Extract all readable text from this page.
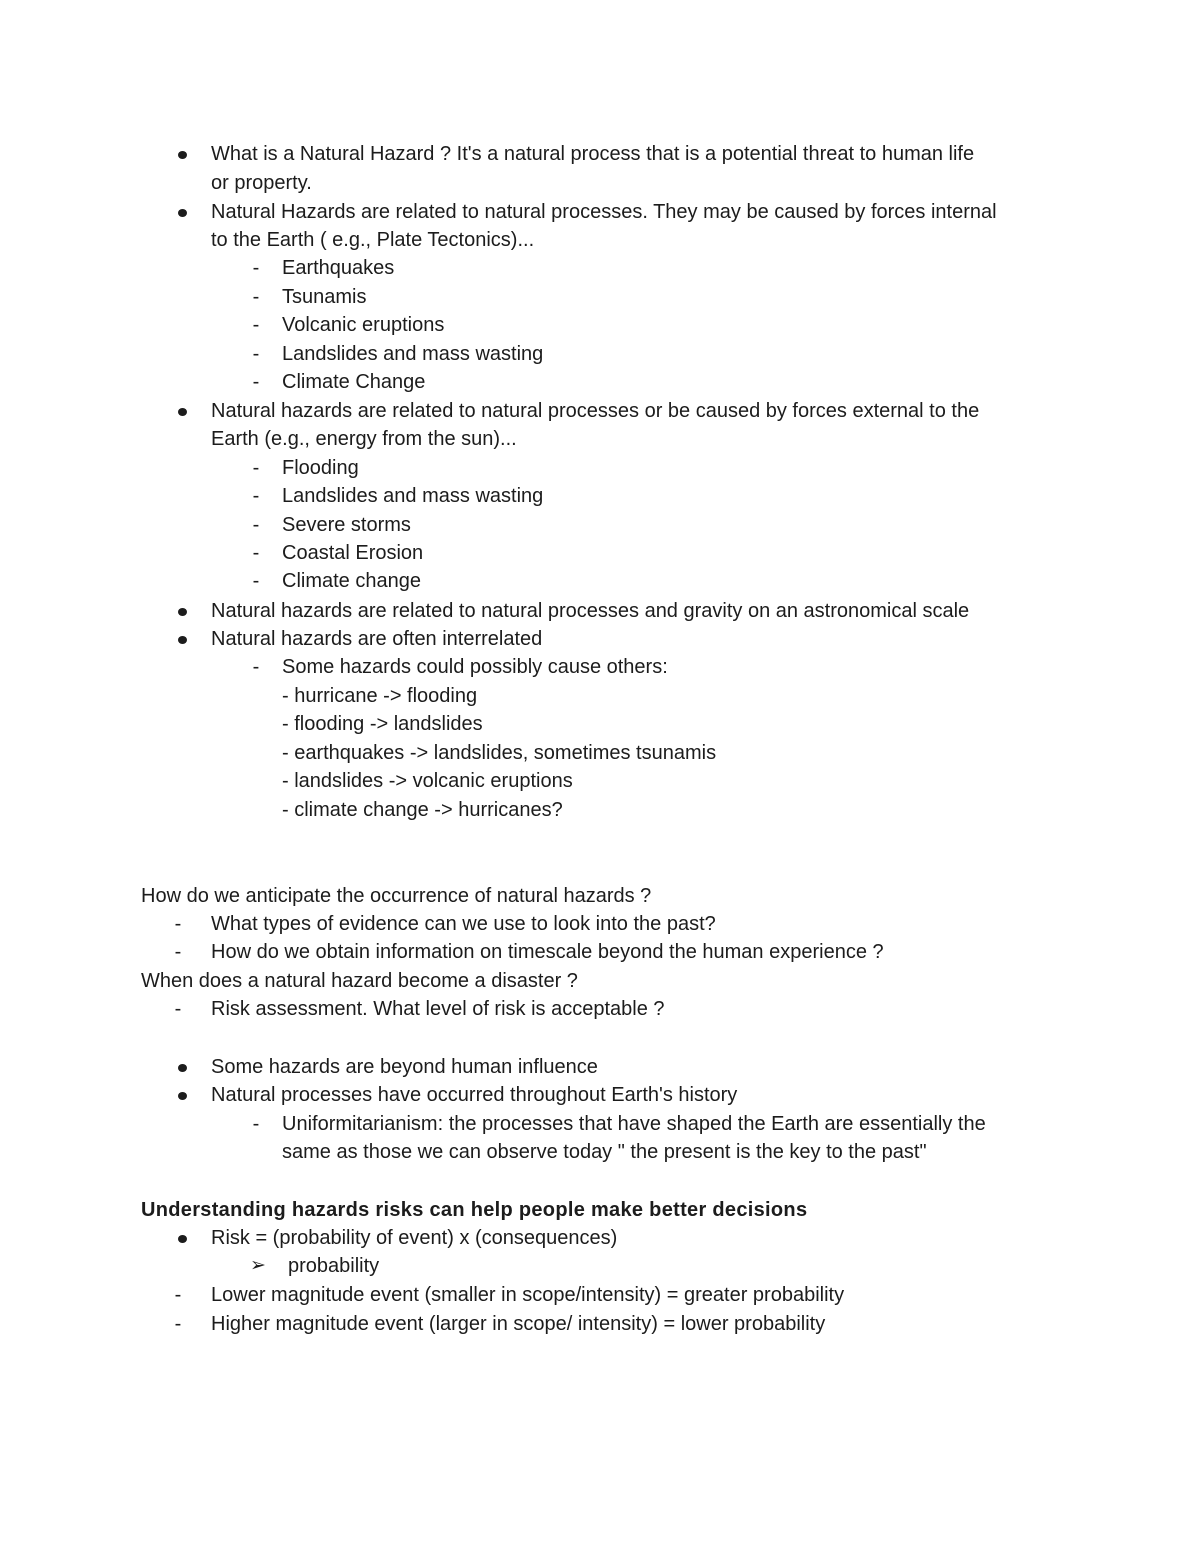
What is a Natural Hazard ? It's a natural process that is a potential threat to human life
or property.
Natural Hazards are related to natural processes. They may be caused by forces internal
to the Earth ( e.g., Plate Tectonics)...
-	Earthquakes
-	Tsunamis
-	Volcanic eruptions
-	Landslides and mass wasting
-	Climate Change
Natural hazards are related to natural processes or be caused by forces external to the
Earth (e.g., energy from the sun)...
-	Flooding
-	Landslides and mass wasting
-	Severe storms
-	Coastal Erosion
-	Climate change
Natural hazards are related to natural processes and gravity on an astronomical scale
Natural hazards are often interrelated
-	Some hazards could possibly cause others:
- hurricane -> flooding
- flooding -> landslides
- earthquakes -> landslides, sometimes tsunamis
- landslides -> volcanic eruptions
- climate change -> hurricanes?
How do we anticipate the occurrence of natural hazards ?
-	What types of evidence can we use to look into the past?
-	How do we obtain information on timescale beyond the human experience ?
When does a natural hazard become a disaster ?
-	Risk assessment. What level of risk is acceptable ?
Some hazards are beyond human influence
Natural processes have occurred throughout Earth's history
-	Uniformitarianism: the processes that have shaped the Earth are essentially the
same as those we can observe today " the present is the key to the past"
Understanding hazards risks can help people make better decisions
Risk = (probability of event) x (consequences)
➢ probability
-	Lower magnitude event (smaller in scope/intensity) = greater probability
-	Higher magnitude event (larger in scope/ intensity) = lower probability
